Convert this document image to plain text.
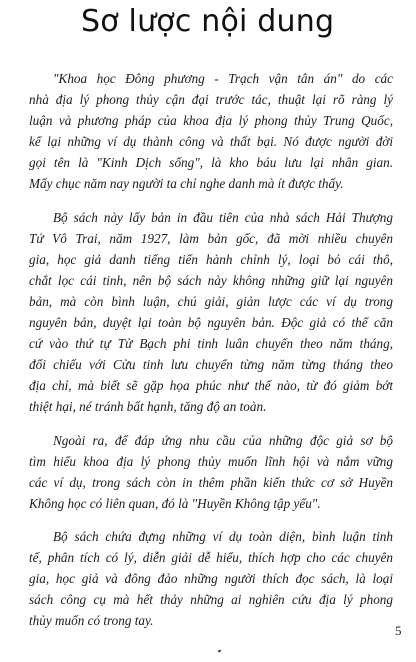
Sơ lược nội dung
"Khoa học Đông phương - Trạch vận tân án" do các
nhà địa lý phong thủy cận đại trước tác, thuật lại rõ ràng lý
luận và phương pháp của khoa địa lý phong thủy Trung Quốc,
kể lại những ví dụ thành công và thất bại. Nó được người đời
gọi tên là "Kinh Dịch sống", là kho báu lưu lại nhân gian.
Mấy chục năm nay người ta chỉ nghe danh mà ít được thấy.
Bộ sách này lấy bản in đầu tiên của nhà sách Hải Thượng
Tứ Vô Trai, năm 1927, làm bản gốc, đã mời nhiều chuyên
gia, học giả danh tiếng tiến hành chỉnh lý, loại bỏ cái thô,
chắt lọc cái tinh, nên bộ sách này không những giữ lại nguyên
bản, mà còn bình luận, chú giải, giản lược các ví dụ trong
nguyên bản, duyệt lại toàn bộ nguyên bản. Độc giả có thể căn
cứ vào thứ tự Tử Bạch phi tinh luân chuyển theo năm tháng,
đối chiếu với Cửu tinh lưu chuyển từng năm từng tháng theo
địa chỉ, mà biết sẽ gặp họa phúc như thế nào, từ đó giảm bớt
thiệt hại, né tránh bất hạnh, tăng độ an toàn.
Ngoài ra, để đáp ứng nhu cầu của những độc giả sơ bộ
tìm hiểu khoa địa lý phong thủy muốn lĩnh hội và nắm vững
các ví dụ, trong sách còn in thêm phần kiến thức cơ sở Huyền
Không học có liên quan, đó là "Huyền Không tập yếu".
Bộ sách chứa đựng những ví dụ toàn diện, bình luận tinh
tế, phân tích có lý, diễn giải dễ hiểu, thích hợp cho các chuyên
gia, học giả và đông đảo những người thích đọc sách, là loại
sách công cụ mà hết thảy những ai nghiên cứu địa lý phong
thủy muốn có trong tay.
5
